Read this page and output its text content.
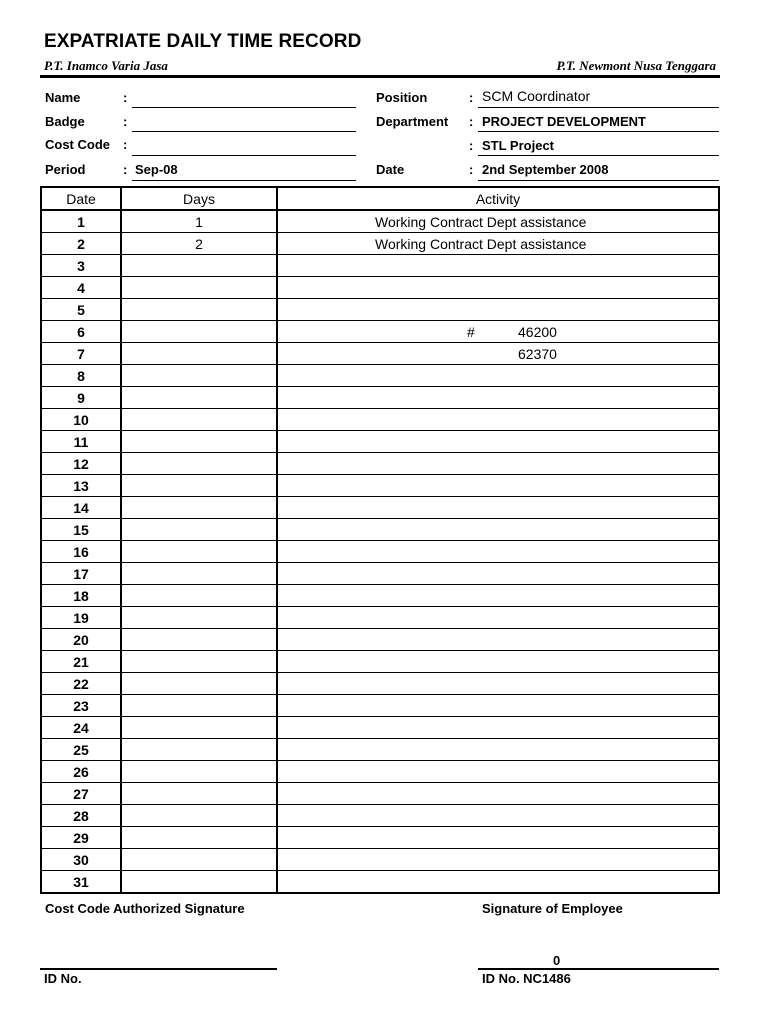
EXPATRIATE DAILY TIME RECORD
P.T. Inamco Varia Jasa	P.T. Newmont Nusa Tenggara
Name	:
Badge	:
Cost Code :
Period	: Sep-08
Position	: SCM Coordinator
Department : PROJECT DEVELOPMENT
: STL Project
Date	: 2nd September 2008
Date	Days	Activity
1	1	Working Contract Dept assistance

2	2	Working Contract Dept assistance

3		
4		
5		
6		# 46200

7		62370

8		
9		
10		
11		
12		
13		
14		
15		
16		
17		
18		
19		
20		
21		
22		
23		
24		
25		
26		
27		
28		
29		
30		
31		
Cost Code Authorized Signature	Signature of Employee
0
ID No.	ID No. NC1486
